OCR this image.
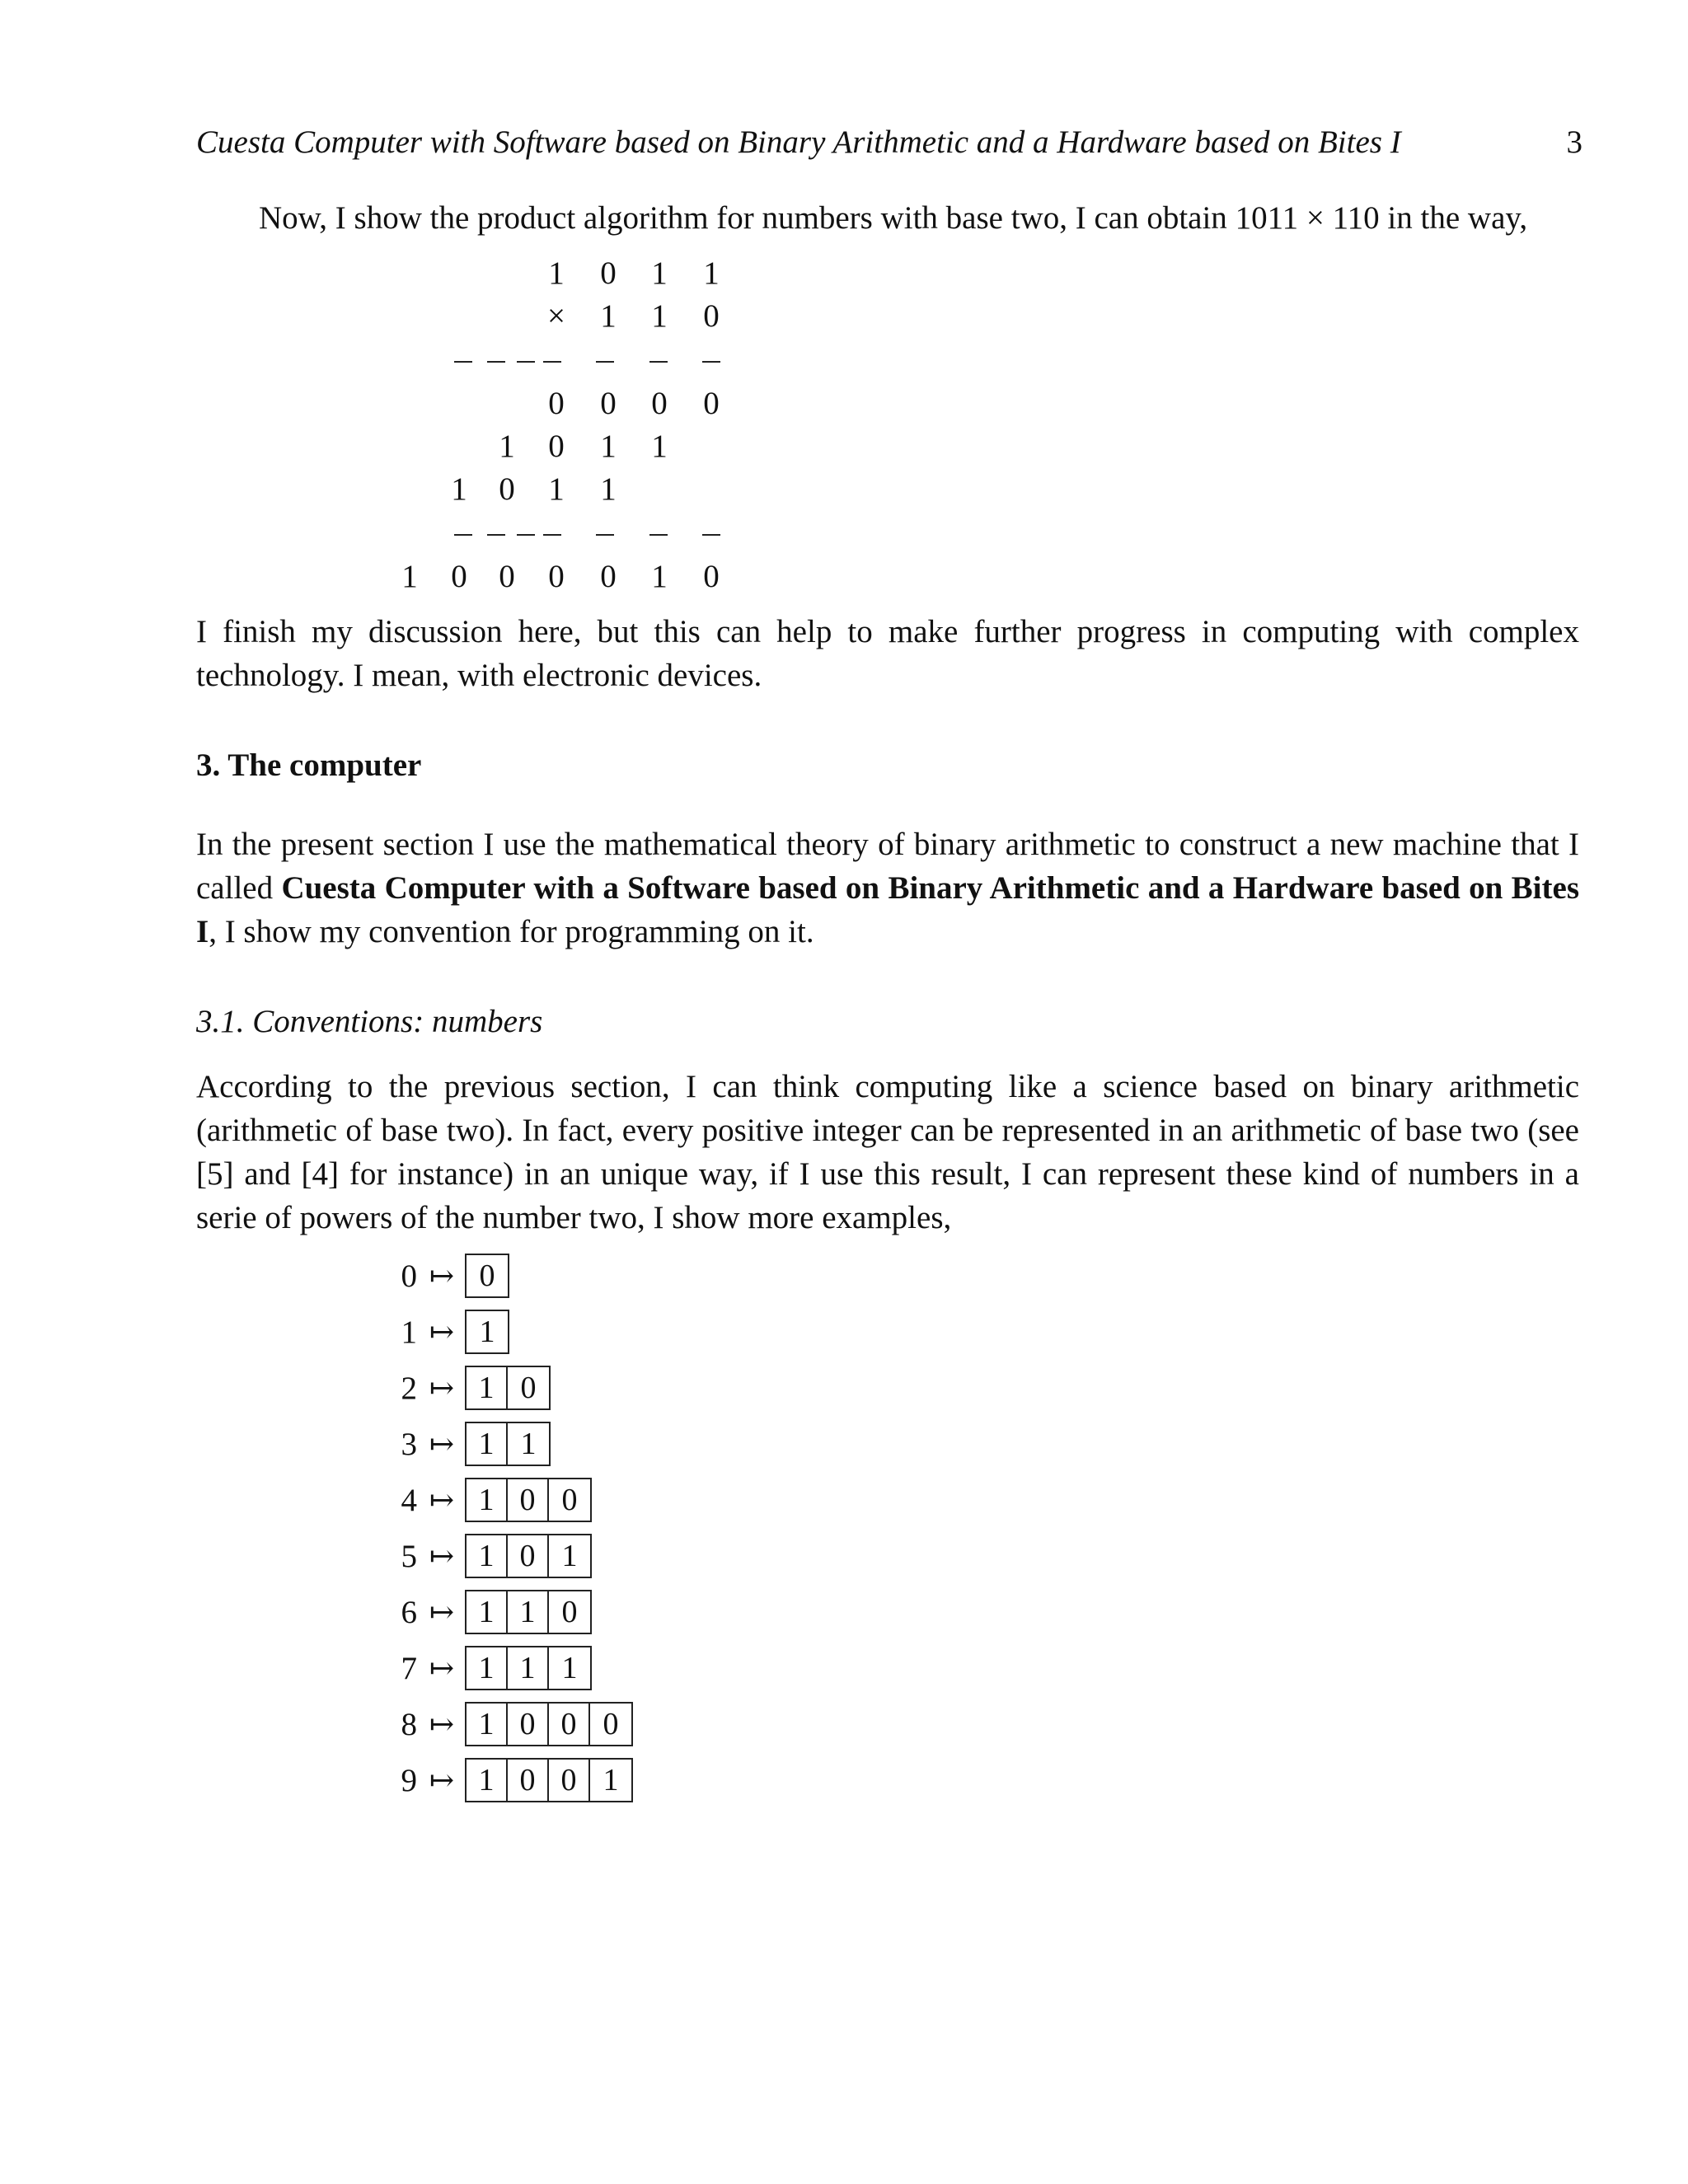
Cuesta Computer with Software based on Binary Arithmetic and a Hardware based on Bites I	3

Now, I show the product algorithm for numbers with base two, I can obtain 1011 × 110 in the way,

1 0 1 1
× 1 1 0
0 0 0 0
1 0 1 1
1 0 1 1
1 0 0 0 0 1 0

I finish my discussion here, but this can help to make further progress in computing with complex technology. I mean, with electronic devices.

3. The computer

In the present section I use the mathematical theory of binary arithmetic to construct a new machine that I called Cuesta Computer with a Software based on Binary Arithmetic and a Hardware based on Bites I, I show my convention for programming on it.

3.1. Conventions: numbers

According to the previous section, I can think computing like a science based on binary arithmetic (arithmetic of base two). In fact, every positive integer can be represented in an arithmetic of base two (see [5] and [4] for instance) in an unique way, if I use this result, I can represent these kind of numbers in a serie of powers of the number two, I show more examples,

0 ↦ 0
1 ↦ 1
2 ↦ 1 0
3 ↦ 1 1
4 ↦ 1 0 0
5 ↦ 1 0 1
6 ↦ 1 1 0
7 ↦ 1 1 1
8 ↦ 1 0 0 0
9 ↦ 1 0 0 1
